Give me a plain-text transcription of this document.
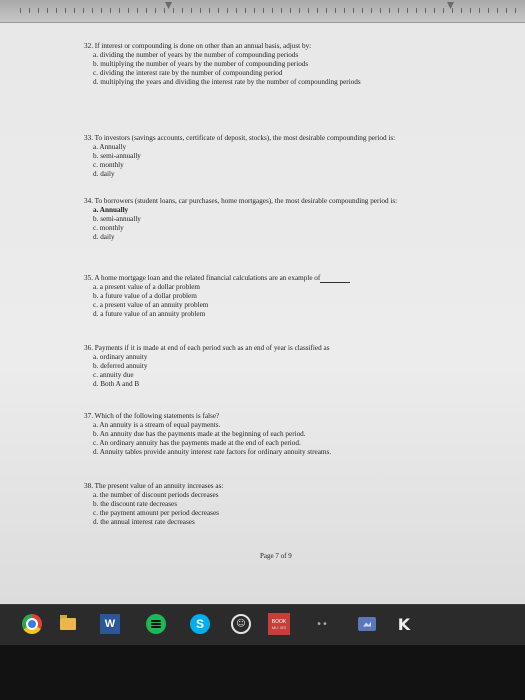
32. If interest or compounding is done on other than an annual basis, adjust by:
a. dividing the number of years by the number of compounding periods
b. multiplying the number of years by the number of compounding periods
c. dividing the interest rate by the number of compounding period
d. multiplying the years and dividing the interest rate by the number of compounding periods
33. To investors (savings accounts, certificate of deposit, stocks), the most desirable compounding period is:
a. Annually
b. semi-annually
c. monthly
d. daily
34. To borrowers (student loans, car purchases, home mortgages), the most desirable compounding period is:
a. Annually
b. semi-annually
c. monthly
d. daily
35. A home mortgage loan and the related financial calculations are an example of
a. a present value of a dollar problem
b. a future value of a dollar problem
c. a present value of an annuity problem
d. a future value of an annuity problem
36. Payments if it is made at end of each period such as an end of year is classified as
a. ordinary annuity
b. deferred annuity
c. annuity due
d. Both A and B
37. Which of the following statements is false?
a. An annuity is a stream of equal payments.
b. An annuity due has the payments made at the beginning of each period.
c. An ordinary annuity has the payments made at the end of each period.
d. Annuity tables provide annuity interest rate factors for ordinary annuity streams.
38. The present value of an annuity increases as:
a. the number of discount periods decreases
b. the discount rate decreases
c. the payment amount per period decreases
d. the annual interest rate decreases
Page 7 of 9
W	S	☺	BOOK
MLI ISS	••	K
